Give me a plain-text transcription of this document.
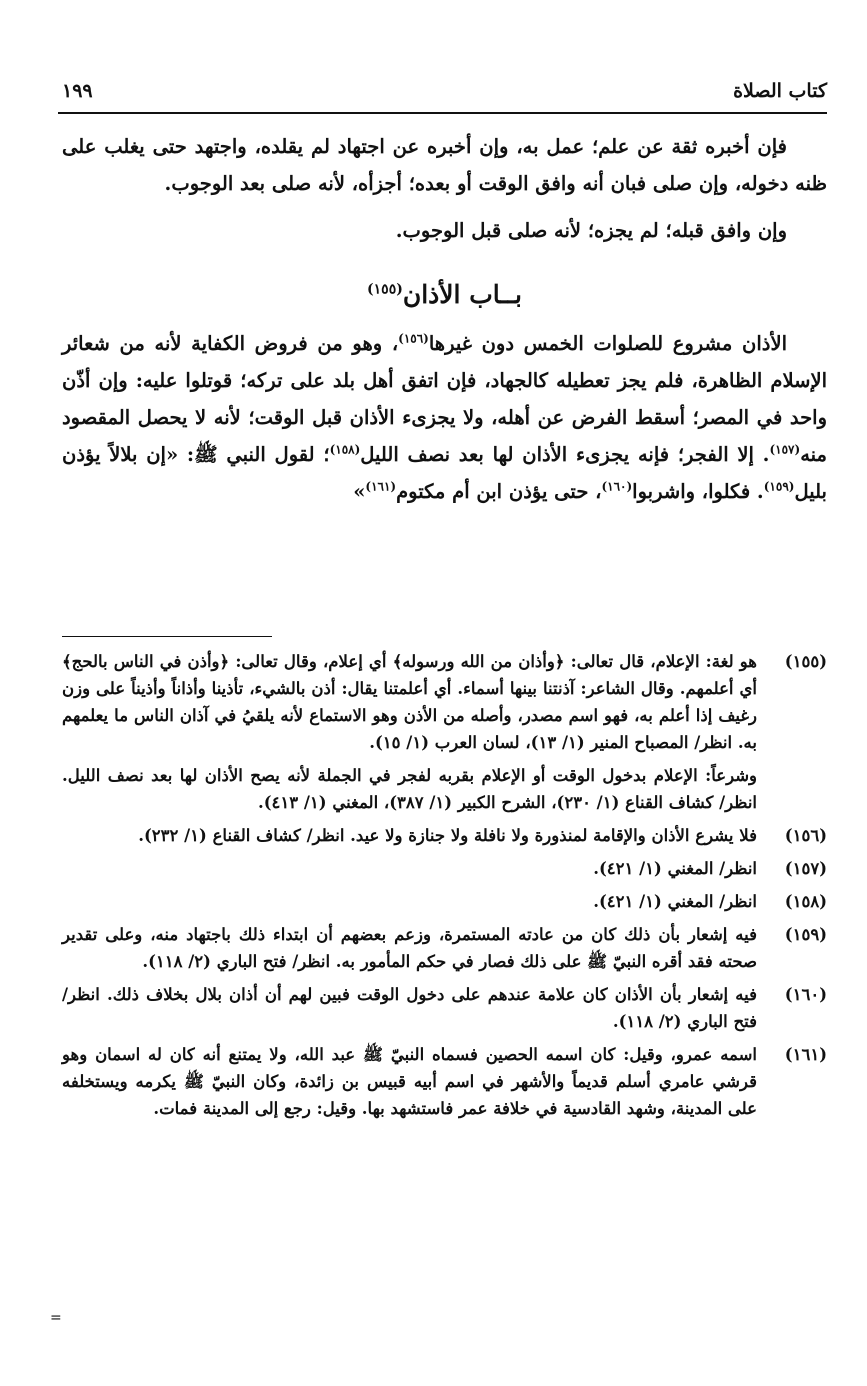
كتاب الصلاة
١٩٩

فإن أخبره ثقة عن علم؛ عمل به، وإن أخبره عن اجتهاد لم يقلده، واجتهد حتى يغلب على ظنه دخوله، وإن صلى فبان أنه وافق الوقت أو بعده؛ أجزأه، لأنه صلى بعد الوجوب.

وإن وافق قبله؛ لم يجزه؛ لأنه صلى قبل الوجوب.

بــاب الأذان$^{(١٥٥)}$

الأذان مشروع للصلوات الخمس دون غيرها$^{(١٥٦)}$، وهو من فروض الكفاية لأنه من شعائر الإسلام الظاهرة، فلم يجز تعطيله كالجهاد، فإن اتفق أهل بلد على تركه؛ قوتلوا عليه: وإن أذّن واحد في المصر؛ أسقط الفرض عن أهله، ولا يجزىء الأذان قبل الوقت؛ لأنه لا يحصل المقصود منه$^{(١٥٧)}$. إلا الفجر؛ فإنه يجزىء الأذان لها بعد نصف الليل$^{(١٥٨)}$؛ لقول النبي ﷺ: «إن بلالاً يؤذن بليل$^{(١٥٩)}$. فكلوا، واشربوا$^{(١٦٠)}$، حتى يؤذن ابن أم مكتوم$^{(١٦١)}$»

(١٥٥)

هو لغة: الإعلام، قال تعالى: ﴿وأذان من الله ورسوله﴾ أي إعلام، وقال تعالى: ﴿وأذن في الناس بالحج﴾ أي أعلمهم. وقال الشاعر: آذنتنا بينها أسماء. أي أعلمتنا يقال: أذن بالشيء، تأذينا وأذاناً وأذيناً على وزن رغيف إذا أعلم به، فهو اسم مصدر، وأصله من الأذن وهو الاستماع لأنه يلقيُ في آذان الناس ما يعلمهم به. انظر/ المصباح المنير (١/ ١٣)، لسان العرب (١/ ١٥).

وشرعاً: الإعلام بدخول الوقت أو الإعلام بقربه لفجر في الجملة لأنه يصح الأذان لها بعد نصف الليل. انظر/ كشاف القناع (١/ ٢٣٠)، الشرح الكبير (١/ ٣٨٧)، المغني (١/ ٤١٣).

(١٥٦)

فلا يشرع الأذان والإقامة لمنذورة ولا نافلة ولا جنازة ولا عيد. انظر/ كشاف القناع (١/ ٢٣٢).

(١٥٧)

انظر/ المغني (١/ ٤٢١).

(١٥٨)

انظر/ المغني (١/ ٤٢١).

(١٥٩)

فيه إشعار بأن ذلك كان من عادته المستمرة، وزعم بعضهم أن ابتداء ذلك باجتهاد منه، وعلى تقدير صحته فقد أقره النبيّ ﷺ على ذلك فصار في حكم المأمور به. انظر/ فتح الباري (٢/ ١١٨).

(١٦٠)

فيه إشعار بأن الأذان كان علامة عندهم على دخول الوقت فبين لهم أن أذان بلال بخلاف ذلك. انظر/ فتح الباري (٢/ ١١٨).

(١٦١)

اسمه عمرو، وقيل: كان اسمه الحصين فسماه النبيّ ﷺ عبد الله، ولا يمتنع أنه كان له اسمان وهو قرشي عامري أسلم قديماً والأشهر في اسم أبيه قبيس بن زائدة، وكان النبيّ ﷺ يكرمه ويستخلفه على المدينة، وشهد القادسية في خلافة عمر فاستشهد بها. وقيل: رجع إلى المدينة فمات.

=
